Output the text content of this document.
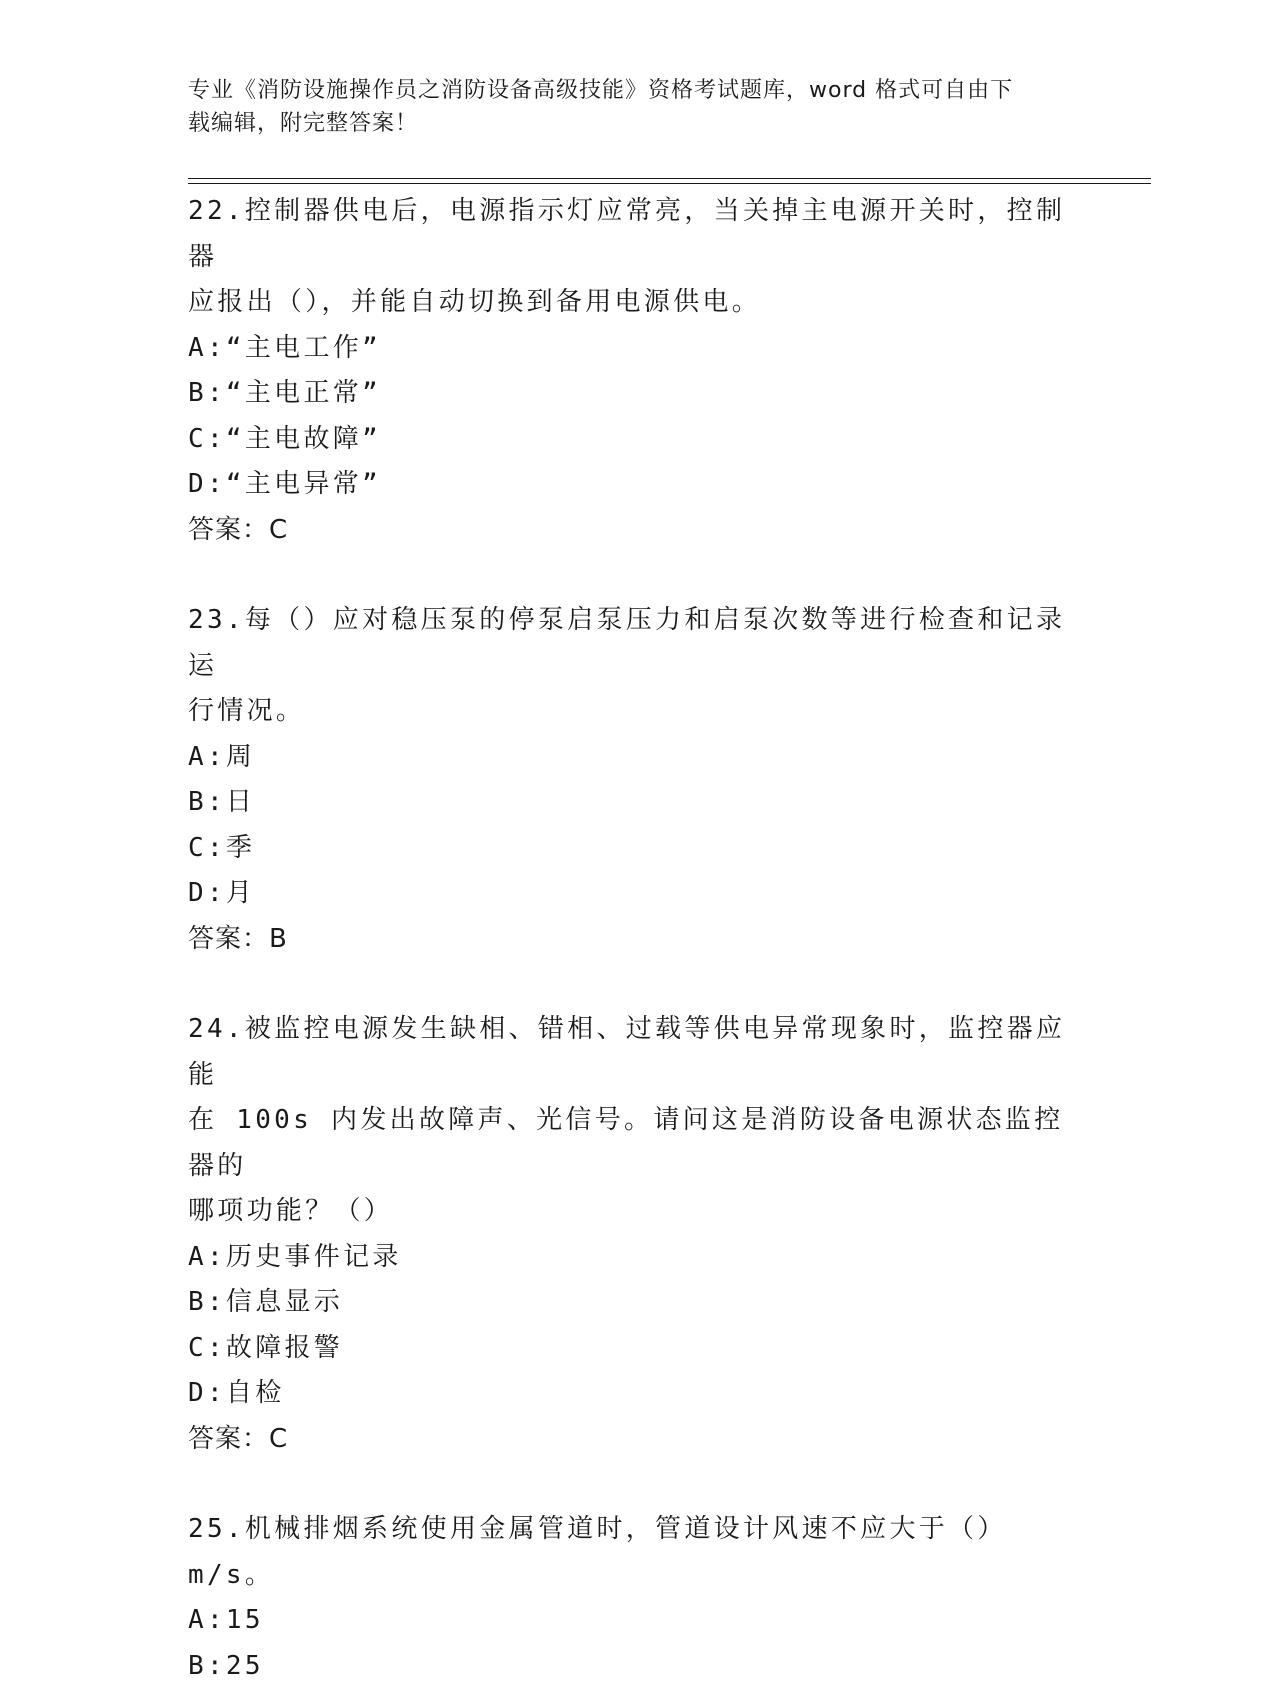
专业《消防设施操作员之消防设备高级技能》资格考试题库，word 格式可自由下
载编辑，附完整答案！
22.控制器供电后，电源指示灯应常亮，当关掉主电源开关时，控制器
应报出（），并能自动切换到备用电源供电。
A:“主电工作”
B:“主电正常”
C:“主电故障”
D:“主电异常”
答案：C
23.每（）应对稳压泵的停泵启泵压力和启泵次数等进行检查和记录运
行情况。
A:周
B:日
C:季
D:月
答案：B
24.被监控电源发生缺相、错相、过载等供电异常现象时，监控器应能
在 100s 内发出故障声、光信号。请问这是消防设备电源状态监控器的
哪项功能？（）
A:历史事件记录
B:信息显示
C:故障报警
D:自检
答案：C
25.机械排烟系统使用金属管道时，管道设计风速不应大于（）m/s。
A:15
B:25
